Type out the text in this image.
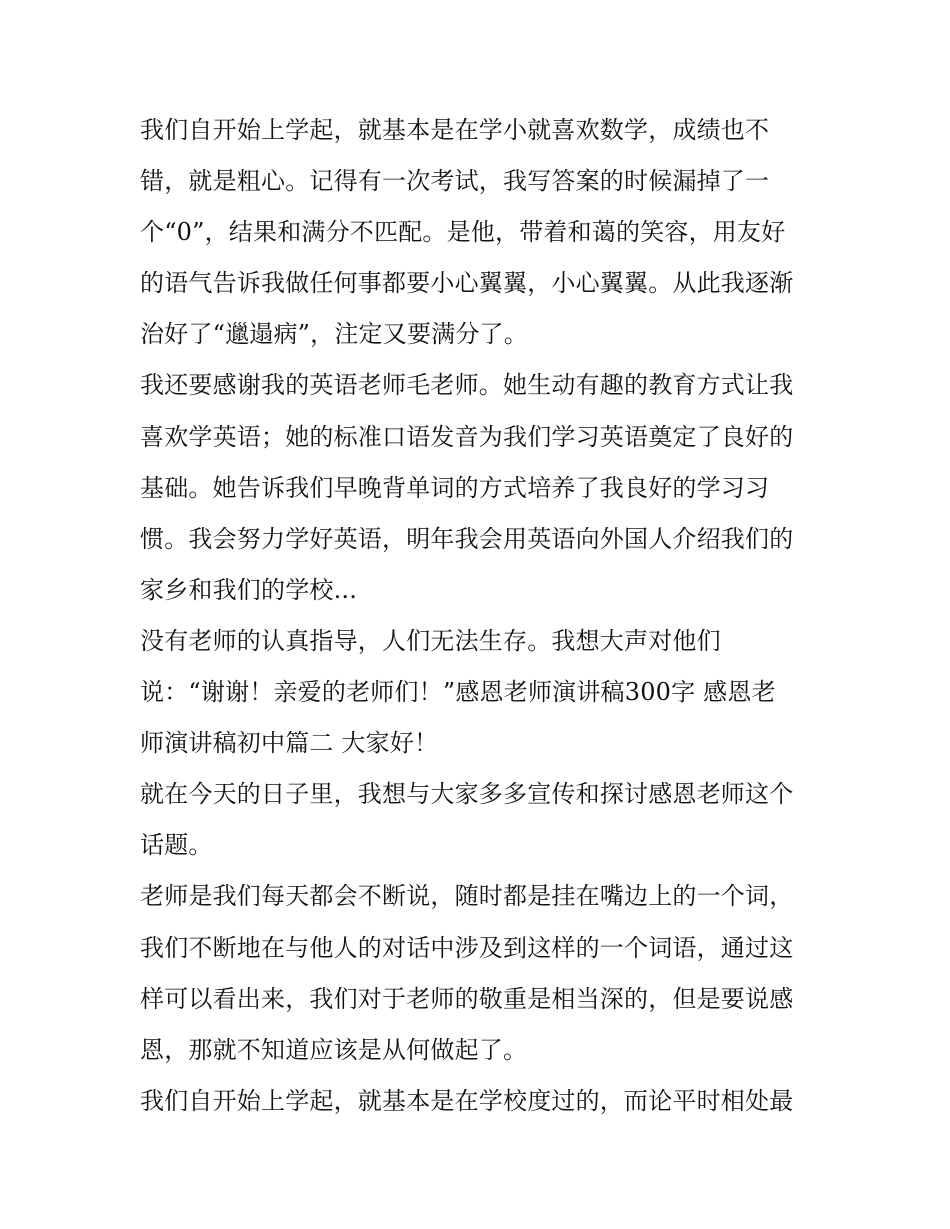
我们自开始上学起，就基本是在学小就喜欢数学，成绩也不
错，就是粗心。记得有一次考试，我写答案的时候漏掉了一
个“0”，结果和满分不匹配。是他，带着和蔼的笑容，用友好
的语气告诉我做任何事都要小心翼翼，小心翼翼。从此我逐渐
治好了“邋遢病”，注定又要满分了。
我还要感谢我的英语老师毛老师。她生动有趣的教育方式让我
喜欢学英语；她的标准口语发音为我们学习英语奠定了良好的
基础。她告诉我们早晚背单词的方式培养了我良好的学习习
惯。我会努力学好英语，明年我会用英语向外国人介绍我们的
家乡和我们的学校...
没有老师的认真指导，人们无法生存。我想大声对他们
说：“谢谢！亲爱的老师们！”感恩老师演讲稿300字 感恩老
师演讲稿初中篇二 大家好！
就在今天的日子里，我想与大家多多宣传和探讨感恩老师这个
话题。
老师是我们每天都会不断说，随时都是挂在嘴边上的一个词，
我们不断地在与他人的对话中涉及到这样的一个词语，通过这
样可以看出来，我们对于老师的敬重是相当深的，但是要说感
恩，那就不知道应该是从何做起了。
我们自开始上学起，就基本是在学校度过的，而论平时相处最
